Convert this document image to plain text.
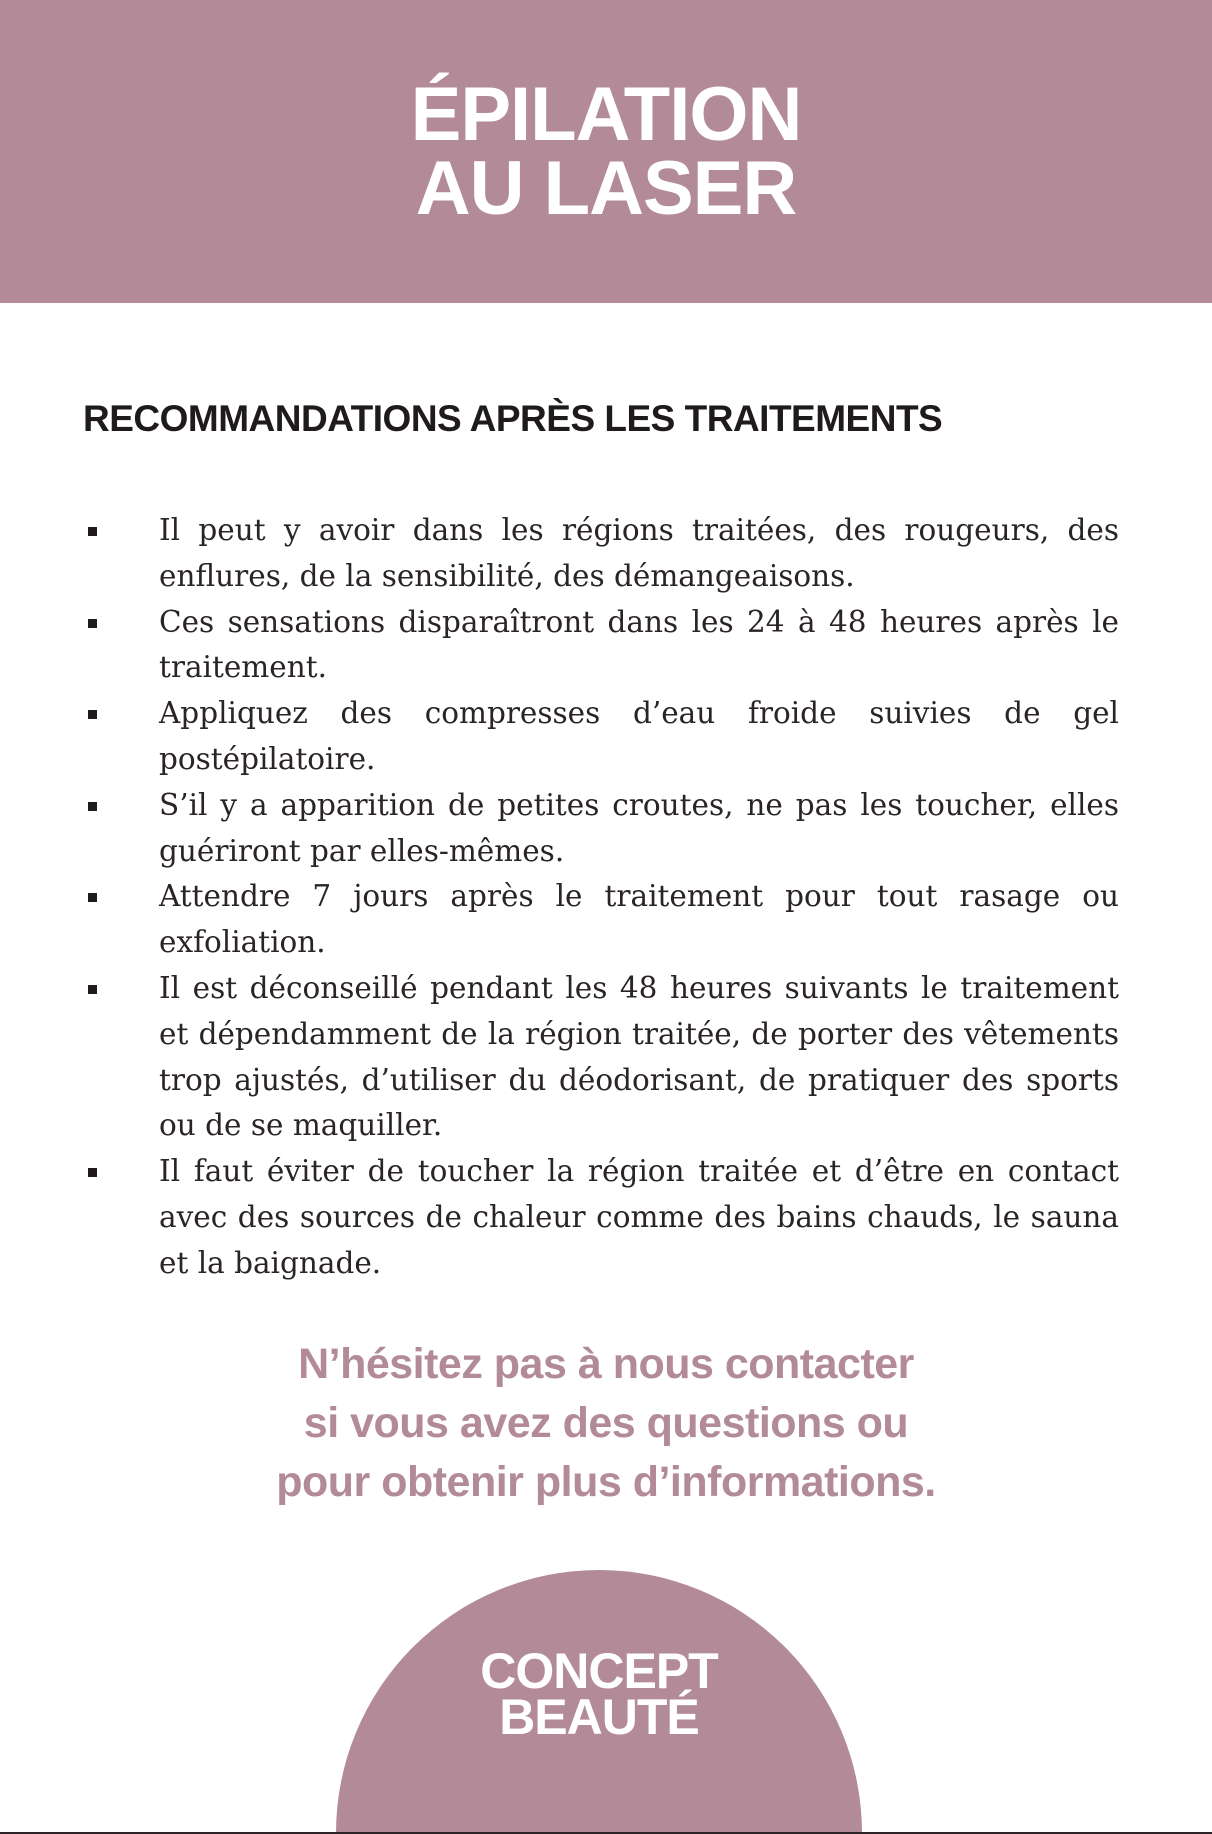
ÉPILATION
AU LASER
RECOMMANDATIONS APRÈS LES TRAITEMENTS
Il peut y avoir dans les régions traitées, des rougeurs, des enflures, de la sensibilité, des démangeaisons.
Ces sensations disparaîtront dans les 24 à 48 heures après le traitement.
Appliquez des compresses d’eau froide suivies de gel postépilatoire.
S’il y a apparition de petites croutes, ne pas les toucher, elles guériront par elles-mêmes.
Attendre 7 jours après le traitement pour tout rasage ou exfoliation.
Il est déconseillé pendant les 48 heures suivants le traitement et dépendamment de la région traitée, de porter des vêtements trop ajustés, d’utiliser du déodorisant, de pratiquer des sports ou de se maquiller.
Il faut éviter de toucher la région traitée et d’être en contact avec des sources de chaleur comme des bains chauds, le sauna et la baignade.
N’hésitez pas à nous contacter
si vous avez des questions ou
pour obtenir plus d’informations.
CONCEPT
BEAUTÉ
